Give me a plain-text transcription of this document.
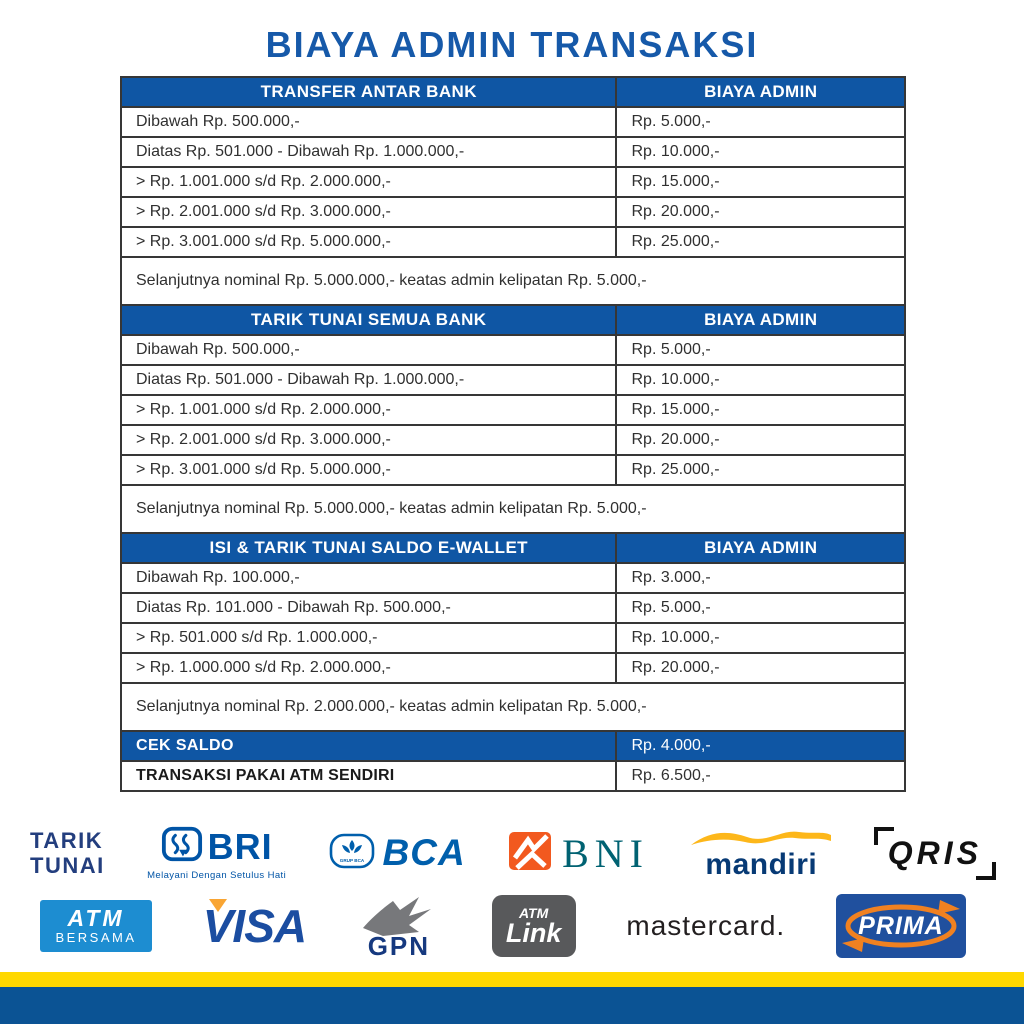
BIAYA ADMIN TRANSAKSI
TRANSFER ANTAR BANK	BIAYA ADMIN
Dibawah Rp. 500.000,-	Rp. 5.000,-
Diatas Rp. 501.000 - Dibawah Rp. 1.000.000,-	Rp. 10.000,-
> Rp. 1.001.000 s/d Rp. 2.000.000,-	Rp. 15.000,-
> Rp. 2.001.000 s/d Rp. 3.000.000,-	Rp. 20.000,-
> Rp. 3.001.000 s/d Rp. 5.000.000,-	Rp. 25.000,-
Selanjutnya nominal Rp. 5.000.000,- keatas admin kelipatan Rp. 5.000,-	
TARIK TUNAI SEMUA BANK	BIAYA ADMIN
Dibawah Rp. 500.000,-	Rp. 5.000,-
Diatas Rp. 501.000 - Dibawah Rp. 1.000.000,-	Rp. 10.000,-
> Rp. 1.001.000 s/d Rp. 2.000.000,-	Rp. 15.000,-
> Rp. 2.001.000 s/d Rp. 3.000.000,-	Rp. 20.000,-
> Rp. 3.001.000 s/d Rp. 5.000.000,-	Rp. 25.000,-
Selanjutnya nominal Rp. 5.000.000,- keatas admin kelipatan Rp. 5.000,-	
ISI & TARIK TUNAI SALDO E-WALLET	BIAYA ADMIN
Dibawah Rp. 100.000,-	Rp. 3.000,-
Diatas Rp. 101.000 - Dibawah Rp. 500.000,-	Rp. 5.000,-
> Rp. 501.000 s/d Rp. 1.000.000,-	Rp. 10.000,-
> Rp. 1.000.000 s/d Rp. 2.000.000,-	Rp. 20.000,-
Selanjutnya nominal Rp. 2.000.000,- keatas admin kelipatan Rp. 5.000,-	
CEK SALDO	Rp. 4.000,-
TRANSAKSI PAKAI ATM SENDIRI	Rp. 6.500,-
TARIK
TUNAI	BRI
Melayani Dengan Setulus Hati
GRUP BCA BCA BNI mandiri	QRIS
ATM
BERSAMA VISA GPN
ATM
Link mastercard.	PRIMA
